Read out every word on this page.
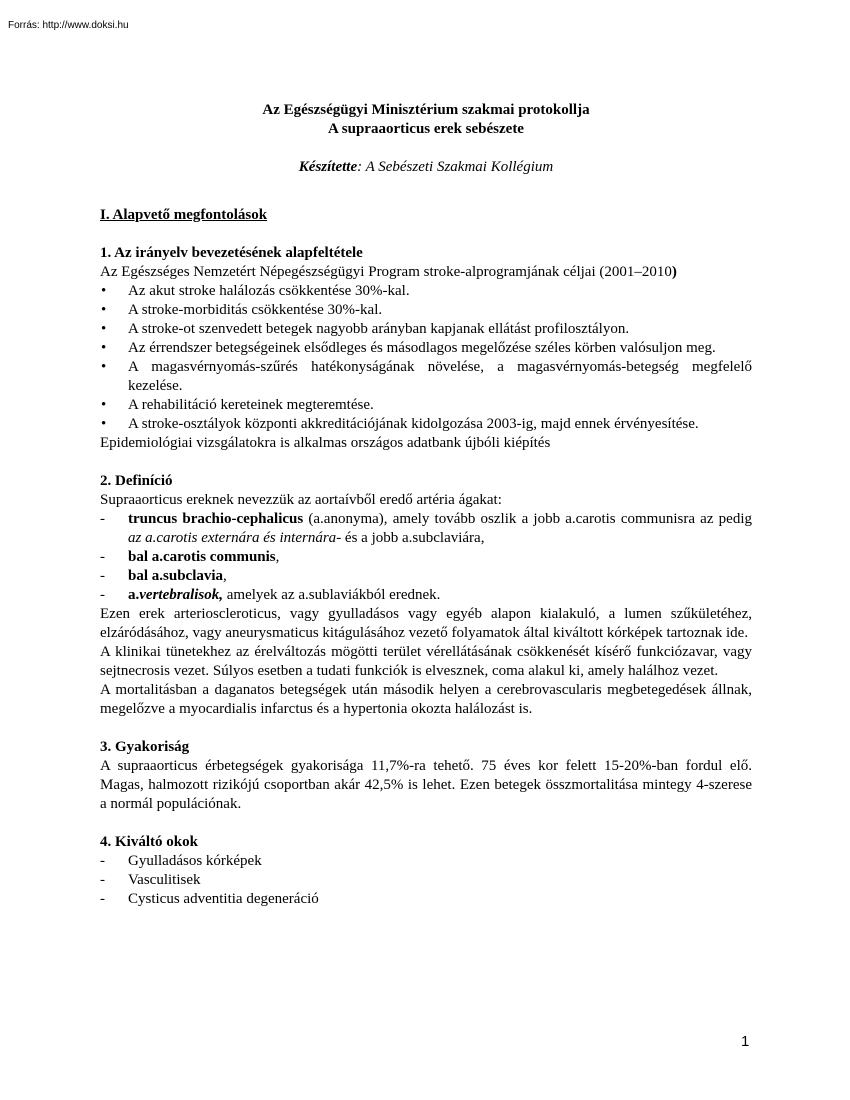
Forrás: http://www.doksi.hu

Az Egészségügyi Minisztérium szakmai protokollja

A supraaorticus erek sebészete

Készítette: A Sebészeti Szakmai Kollégium

I. Alapvető megfontolások

1. Az irányelv bevezetésének alapfeltétele

Az Egészséges Nemzetért Népegészségügyi Program stroke-alprogramjának céljai (2001–2010)

• Az akut stroke halálozás csökkentése 30%-kal.
• A stroke-morbiditás csökkentése 30%-kal.
• A stroke-ot szenvedett betegek nagyobb arányban kapjanak ellátást profilosztályon.
• Az érrendszer betegségeinek elsődleges és másodlagos megelőzése széles körben valósuljon meg.
• A magasvérnyomás-szűrés hatékonyságának növelése, a magasvérnyomás-betegség megfelelő kezelése.
• A rehabilitáció kereteinek megteremtése.
• A stroke-osztályok központi akkreditációjának kidolgozása 2003-ig, majd ennek érvényesítése.

Epidemiológiai vizsgálatokra is alkalmas országos adatbank újbóli kiépítés

2. Definíció

Supraaorticus ereknek nevezzük az aortaívből eredő artéria ágakat:

- truncus brachio-cephalicus (a.anonyma), amely tovább oszlik a jobb a.carotis communisra az pedig az a.carotis externára és internára- és a jobb a.subclaviára,
- bal a.carotis communis,
- bal a.subclavia,
- a.vertebralisok, amelyek az a.sublaviákból erednek.

Ezen erek arterioscleroticus, vagy gyulladásos vagy egyéb alapon kialakuló, a lumen szűkületéhez, elzáródásához, vagy aneurysmaticus kitágulásához vezető folyamatok által kiváltott kórképek tartoznak ide.

A klinikai tünetekhez az érelváltozás mögötti terület vérellátásának csökkenését kísérő funkciózavar, vagy sejtnecrosis vezet. Súlyos esetben a tudati funkciók is elvesznek, coma alakul ki, amely halálhoz vezet.

A mortalitásban a daganatos betegségek után második helyen a cerebrovascularis megbetegedések állnak, megelőzve a myocardialis infarctus és a hypertonia okozta halálozást is.

3. Gyakoriság

A supraaorticus érbetegségek gyakorisága 11,7%-ra tehető. 75 éves kor felett 15-20%-ban fordul elő. Magas, halmozott rizikójú csoportban akár 42,5% is lehet. Ezen betegek összmortalitása mintegy 4-szerese a normál populációnak.

4. Kiváltó okok

- Gyulladásos kórképek
- Vasculitisek
- Cysticus adventitia degeneráció
1
